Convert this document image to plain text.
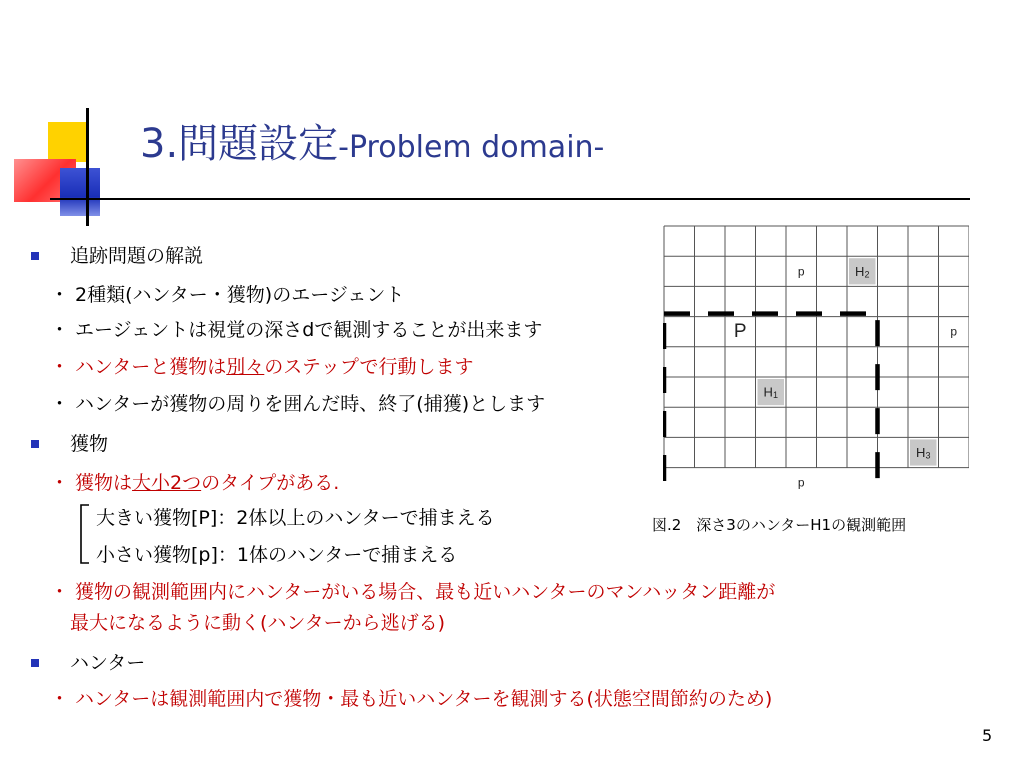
3.問題設定-Problem domain-
追跡問題の解説
・ 2種類(ハンター・獲物)のエージェント
・ エージェントは視覚の深さdで観測することが出来ます
・ ハンターと獲物は別々のステップで行動します
・ ハンターが獲物の周りを囲んだ時、終了(捕獲)とします
獲物
・ 獲物は大小2つのタイプがある.
大きい獲物[P]：2体以上のハンターで捕まえる
小さい獲物[p]：1体のハンターで捕まえる
・ 獲物の観測範囲内にハンターがいる場合、最も近いハンターのマンハッタン距離が
最大になるように動く(ハンターから逃げる)
ハンター
・ ハンターは観測範囲内で獲物・最も近いハンターを観測する(状態空間節約のため)
p	$H_2$
P	p
$H_1$
$H_3$
p
図.2　深さ3のハンターH1の観測範囲
5
